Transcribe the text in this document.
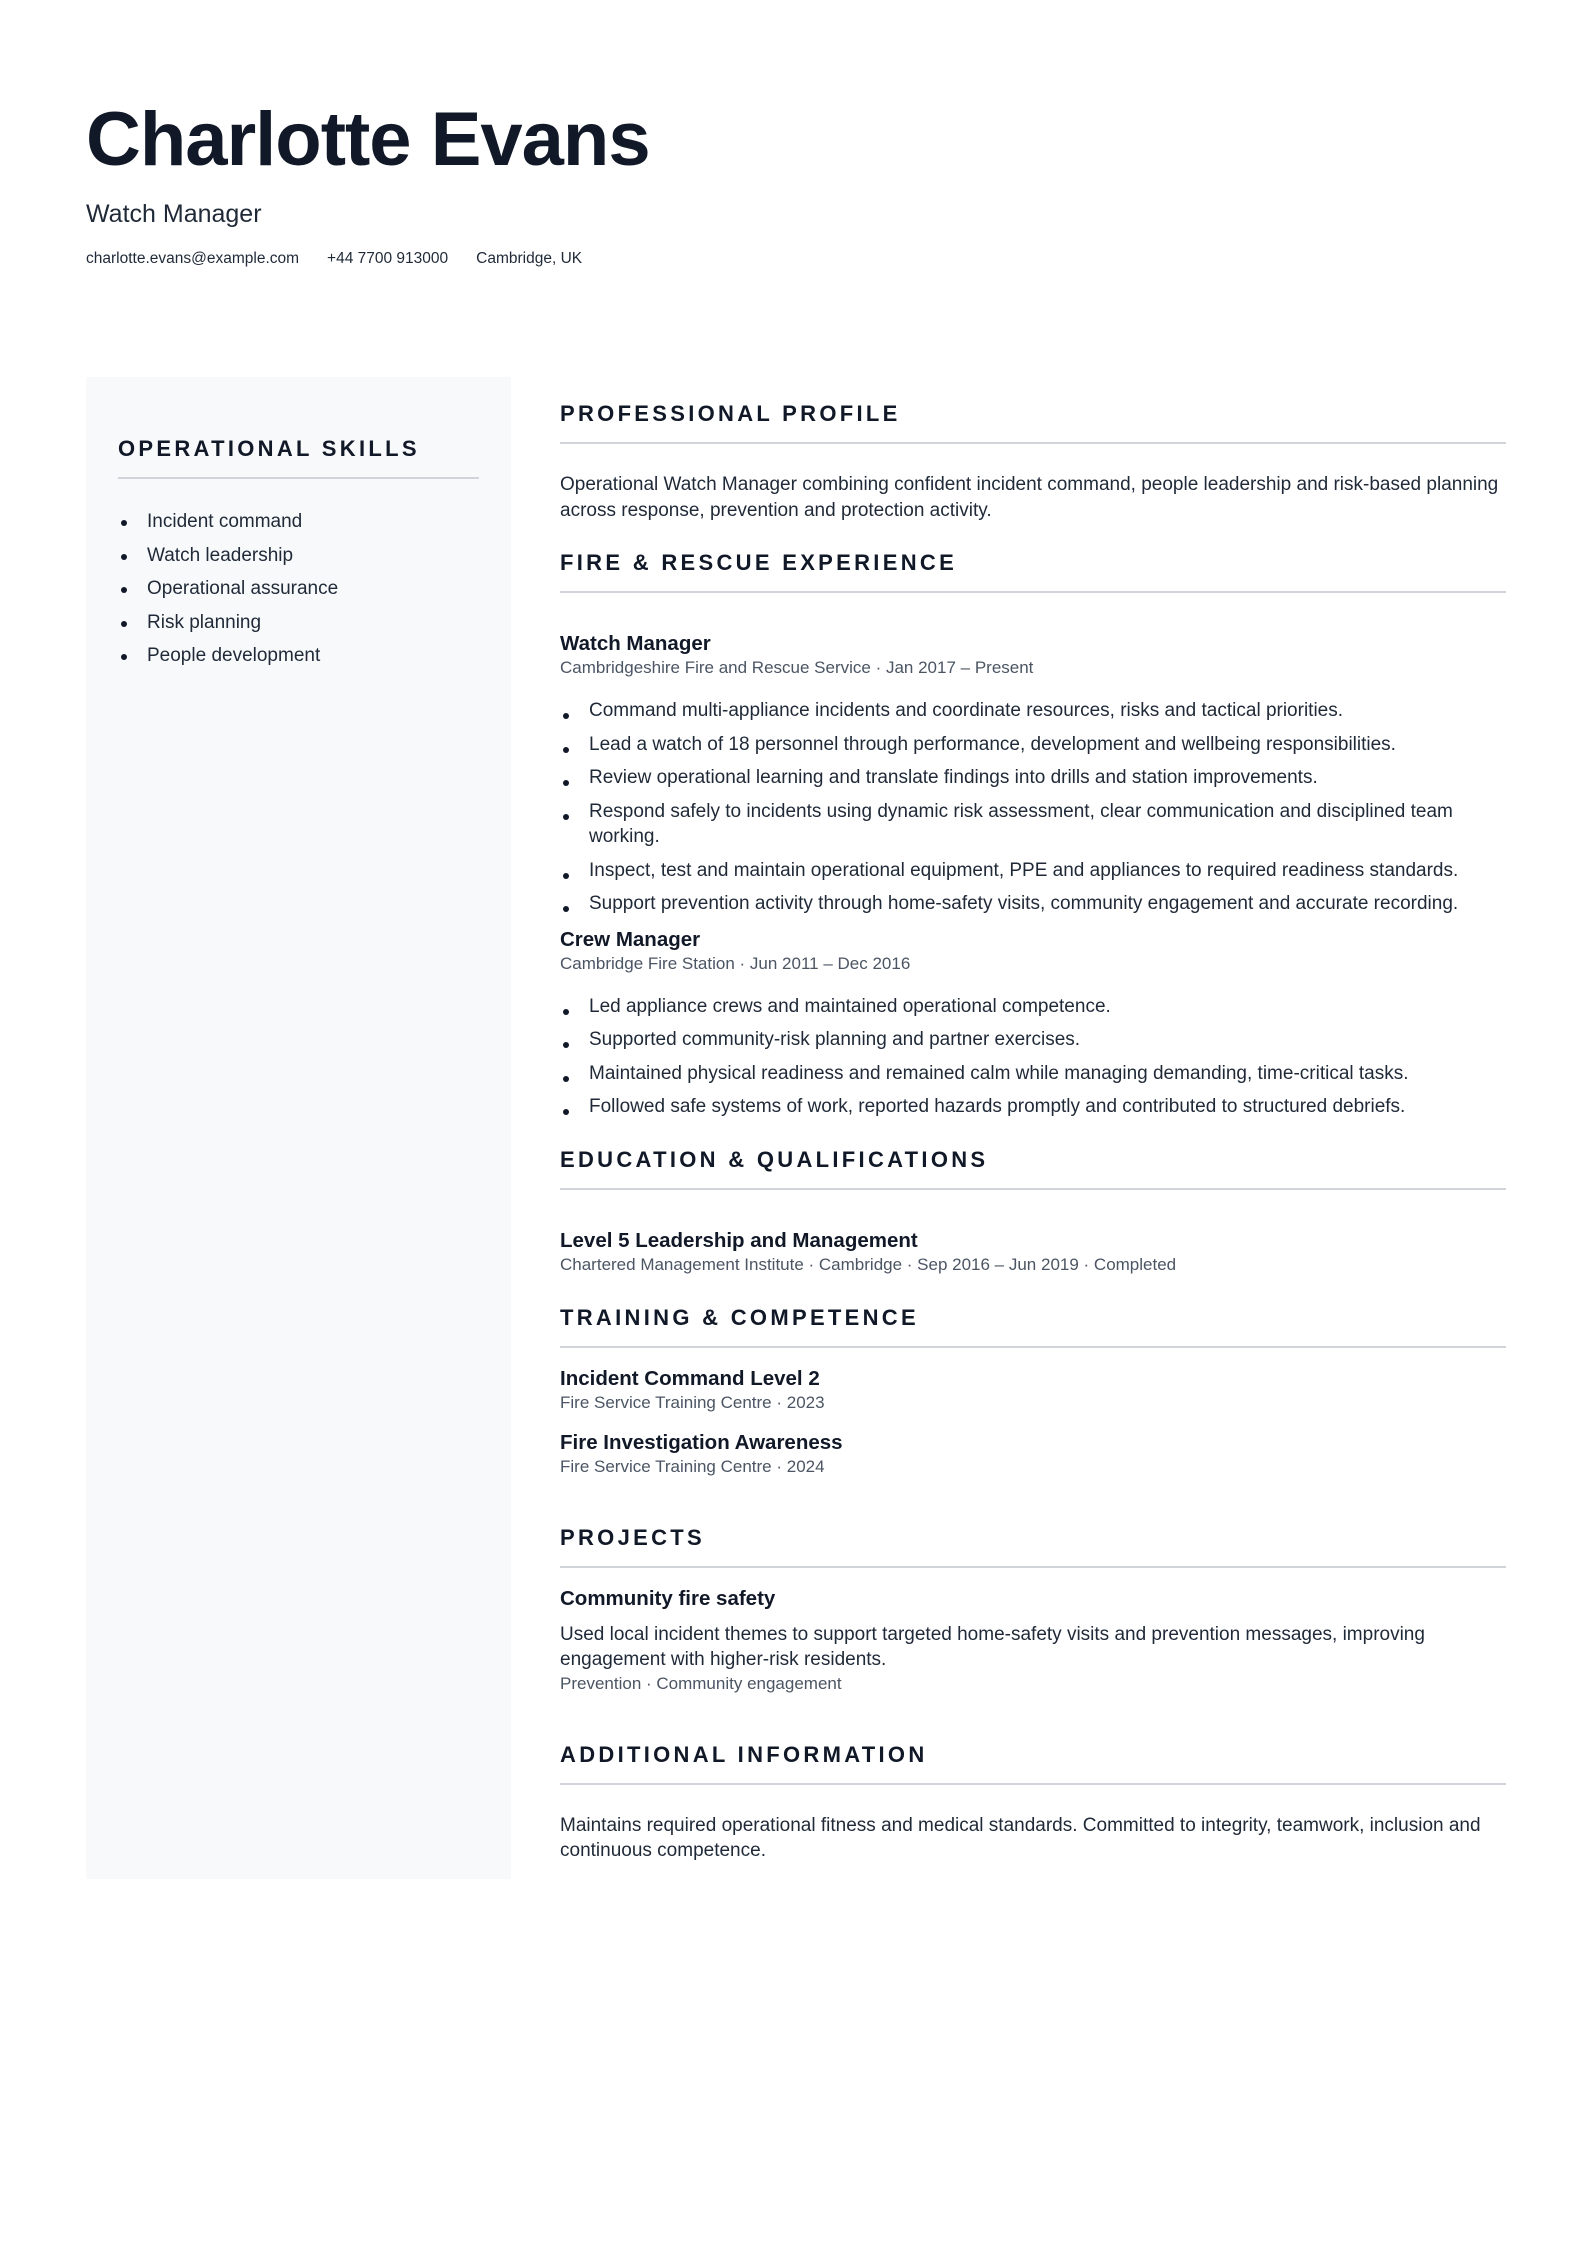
Charlotte Evans
Watch Manager
charlotte.evans@example.com +44 7700 913000 Cambridge, UK
OPERATIONAL SKILLS
Incident command
Watch leadership
Operational assurance
Risk planning
People development
PROFESSIONAL PROFILE
Operational Watch Manager combining confident incident command, people leadership and risk-based planning across response, prevention and protection activity.
FIRE & RESCUE EXPERIENCE
Watch Manager
Cambridgeshire Fire and Rescue Service · Jan 2017 – Present
Command multi-appliance incidents and coordinate resources, risks and tactical priorities.
Lead a watch of 18 personnel through performance, development and wellbeing responsibilities.
Review operational learning and translate findings into drills and station improvements.
Respond safely to incidents using dynamic risk assessment, clear communication and disciplined team working.
Inspect, test and maintain operational equipment, PPE and appliances to required readiness standards.
Support prevention activity through home-safety visits, community engagement and accurate recording.
Crew Manager
Cambridge Fire Station · Jun 2011 – Dec 2016
Led appliance crews and maintained operational competence.
Supported community-risk planning and partner exercises.
Maintained physical readiness and remained calm while managing demanding, time-critical tasks.
Followed safe systems of work, reported hazards promptly and contributed to structured debriefs.
EDUCATION & QUALIFICATIONS
Level 5 Leadership and Management
Chartered Management Institute · Cambridge · Sep 2016 – Jun 2019 · Completed
TRAINING & COMPETENCE
Incident Command Level 2
Fire Service Training Centre · 2023
Fire Investigation Awareness
Fire Service Training Centre · 2024
PROJECTS
Community fire safety
Used local incident themes to support targeted home-safety visits and prevention messages, improving engagement with higher-risk residents.
Prevention · Community engagement
ADDITIONAL INFORMATION
Maintains required operational fitness and medical standards. Committed to integrity, teamwork, inclusion and continuous competence.
